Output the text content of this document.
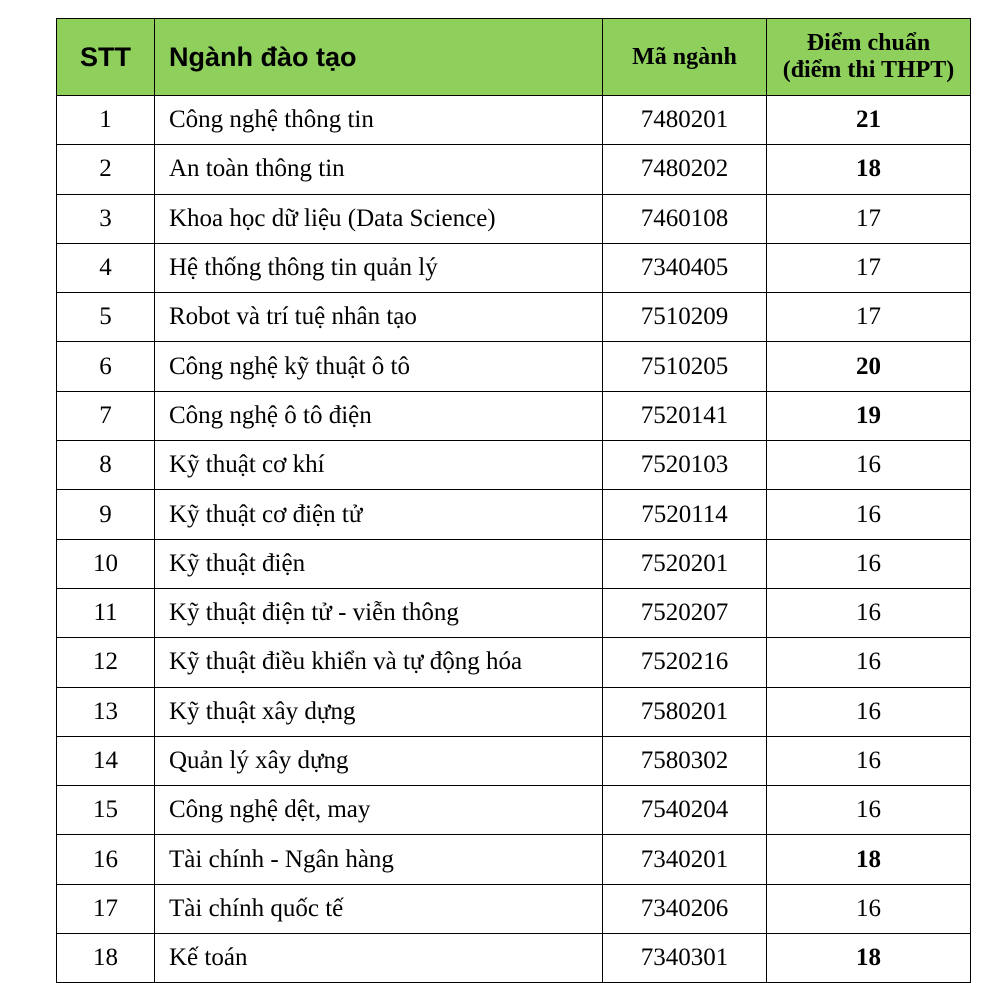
STT	Ngành đào tạo	Mã ngành	Điểm chuẩn
(điểm thi THPT)

1	Công nghệ thông tin	7480201	21
2	An toàn thông tin	7480202	18
3	Khoa học dữ liệu (Data Science)	7460108	17
4	Hệ thống thông tin quản lý	7340405	17
5	Robot và trí tuệ nhân tạo	7510209	17
6	Công nghệ kỹ thuật ô tô	7510205	20
7	Công nghệ ô tô điện	7520141	19
8	Kỹ thuật cơ khí	7520103	16
9	Kỹ thuật cơ điện tử	7520114	16
10	Kỹ thuật điện	7520201	16
11	Kỹ thuật điện tử - viễn thông	7520207	16
12	Kỹ thuật điều khiển và tự động hóa	7520216	16
13	Kỹ thuật xây dựng	7580201	16
14	Quản lý xây dựng	7580302	16
15	Công nghệ dệt, may	7540204	16
16	Tài chính - Ngân hàng	7340201	18
17	Tài chính quốc tế	7340206	16
18	Kế toán	7340301	18
